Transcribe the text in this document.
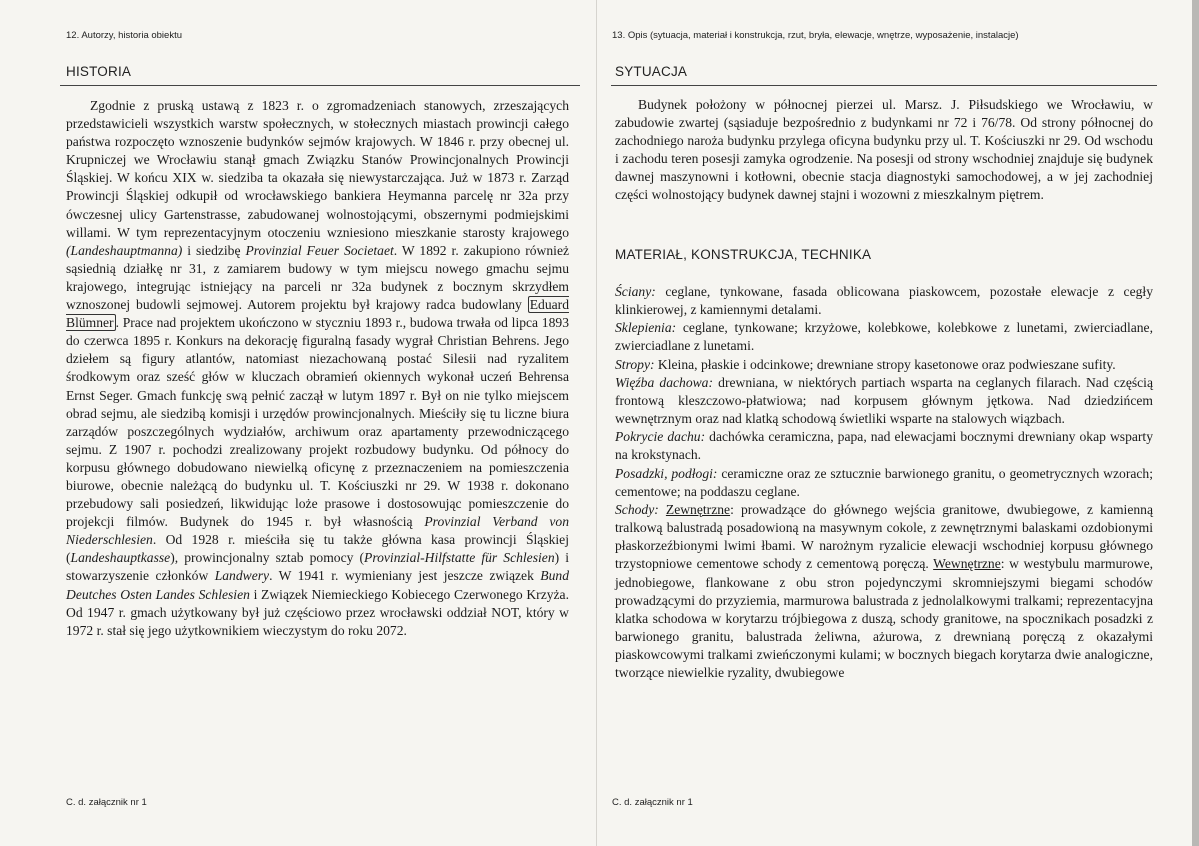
12. Autorzy, historia obiektu
HISTORIA

Zgodnie z pruską ustawą z 1823 r. o zgromadzeniach stanowych, zrzeszających przedstawicieli wszystkich warstw społecznych, w stołecznych miastach prowincji całego państwa rozpoczęto wznoszenie budynków sejmów krajowych. W 1846 r. przy obecnej ul. Krupniczej we Wrocławiu stanął gmach Związku Stanów Prowincjonalnych Prowincji Śląskiej. W końcu XIX w. siedziba ta okazała się niewystarczająca. Już w 1873 r. Zarząd Prowincji Śląskiej odkupił od wrocławskiego bankiera Heymanna parcelę nr 32a przy ówczesnej ulicy Gartenstrasse, zabudowanej wolnostojącymi, obszernymi podmiejskimi willami. W tym reprezentacyjnym otoczeniu wzniesiono mieszkanie starosty krajowego (Landeshauptmanna) i siedzibę Provinzial Feuer Societaet. W 1892 r. zakupiono również sąsiednią działkę nr 31, z zamiarem budowy w tym miejscu nowego gmachu sejmu krajowego, integrując istniejący na parceli nr 32a budynek z bocznym skrzydłem wznoszonej budowli sejmowej. Autorem projektu był krajowy radca budowlany Eduard Blümner . Prace nad projektem ukończono w styczniu 1893 r., budowa trwała od lipca 1893 do czerwca 1895 r. Konkurs na dekorację figuralną fasady wygrał Christian Behrens. Jego dziełem są figury atlantów, natomiast niezachowaną postać Silesii nad ryzalitem środkowym oraz sześć głów w kluczach obramień okiennych wykonał uczeń Behrensa Ernst Seger. Gmach funkcję swą pełnić zaczął w lutym 1897 r. Był on nie tylko miejscem obrad sejmu, ale siedzibą komisji i urzędów prowincjonalnych. Mieściły się tu liczne biura zarządów poszczególnych wydziałów, archiwum oraz apartamenty przewodniczącego sejmu. Z 1907 r. pochodzi zrealizowany projekt rozbudowy budynku. Od północy do korpusu głównego dobudowano niewielką oficynę z przeznaczeniem na pomieszczenia biurowe, obecnie należącą do budynku ul. T. Kościuszki nr 29. W 1938 r. dokonano przebudowy sali posiedzeń, likwidując loże prasowe i dostosowując pomieszczenie do projekcji filmów. Budynek do 1945 r. był własnością Provinzial Verband von Niederschlesien. Od 1928 r. mieściła się tu także główna kasa prowincji Śląskiej (Landeshauptkasse), prowincjonalny sztab pomocy (Provinzial-Hilfstatte für Schlesien) i stowarzyszenie członków Landwery. W 1941 r. wymieniany jest jeszcze związek Bund Deutches Osten Landes Schlesien i Związek Niemieckiego Kobiecego Czerwonego Krzyża. Od 1947 r. gmach użytkowany był już częściowo przez wrocławski oddział NOT, który w 1972 r. stał się jego użytkownikiem wieczystym do roku 2072.

C. d. załącznik nr 1
13. Opis (sytuacja, materiał i konstrukcja, rzut, bryła, elewacje, wnętrze, wyposażenie, instalacje)
SYTUACJA

Budynek położony w północnej pierzei ul. Marsz. J. Piłsudskiego we Wrocławiu, w zabudowie zwartej (sąsiaduje bezpośrednio z budynkami nr 72 i 76/78. Od strony północnej do zachodniego naroża budynku przylega oficyna budynku przy ul. T. Kościuszki nr 29. Od wschodu i zachodu teren posesji zamyka ogrodzenie. Na posesji od strony wschodniej znajduje się budynek dawnej maszynowni i kotłowni, obecnie stacja diagnostyki samochodowej, a w jej zachodniej części wolnostojący budynek dawnej stajni i wozowni z mieszkalnym piętrem.

MATERIAŁ, KONSTRUKCJA, TECHNIKA

Ściany: ceglane, tynkowane, fasada oblicowana piaskowcem, pozostałe elewacje z cegły klinkierowej, z kamiennymi detalami.

Sklepienia: ceglane, tynkowane; krzyżowe, kolebkowe, kolebkowe z lunetami, zwierciadlane, zwierciadlane z lunetami.

Stropy: Kleina, płaskie i odcinkowe; drewniane stropy kasetonowe oraz podwieszane sufity.

Więźba dachowa: drewniana, w niektórych partiach wsparta na ceglanych filarach. Nad częścią frontową kleszczowo-płatwiowa; nad korpusem głównym jętkowa. Nad dziedzińcem wewnętrznym oraz nad klatką schodową świetliki wsparte na stalowych wiązbach.

Pokrycie dachu: dachówka ceramiczna, papa, nad elewacjami bocznymi drewniany okap wsparty na krokstynach.

Posadzki, podłogi: ceramiczne oraz ze sztucznie barwionego granitu, o geometrycznych wzorach; cementowe; na poddaszu ceglane.

Schody: Zewnętrzne: prowadzące do głównego wejścia granitowe, dwubiegowe, z kamienną tralkową balustradą posadowioną na masywnym cokole, z zewnętrznymi balaskami ozdobionymi płaskorzeźbionymi lwimi łbami. W narożnym ryzalicie elewacji wschodniej korpusu głównego trzystopniowe cementowe schody z cementową poręczą. Wewnętrzne: w westybulu marmurowe, jednobiegowe, flankowane z obu stron pojedynczymi skromniejszymi biegami schodów prowadzącymi do przyziemia, marmurowa balustrada z jednolalkowymi tralkami; reprezentacyjna klatka schodowa w korytarzu trójbiegowa z duszą, schody granitowe, na spocznikach posadzki z barwionego granitu, balustrada żeliwna, ażurowa, z drewnianą poręczą z okazałymi piaskowcowymi tralkami zwieńczonymi kulami; w bocznych biegach korytarza dwie analogiczne, tworzące niewielkie ryzality, dwubiegowe

C. d. załącznik nr 1
